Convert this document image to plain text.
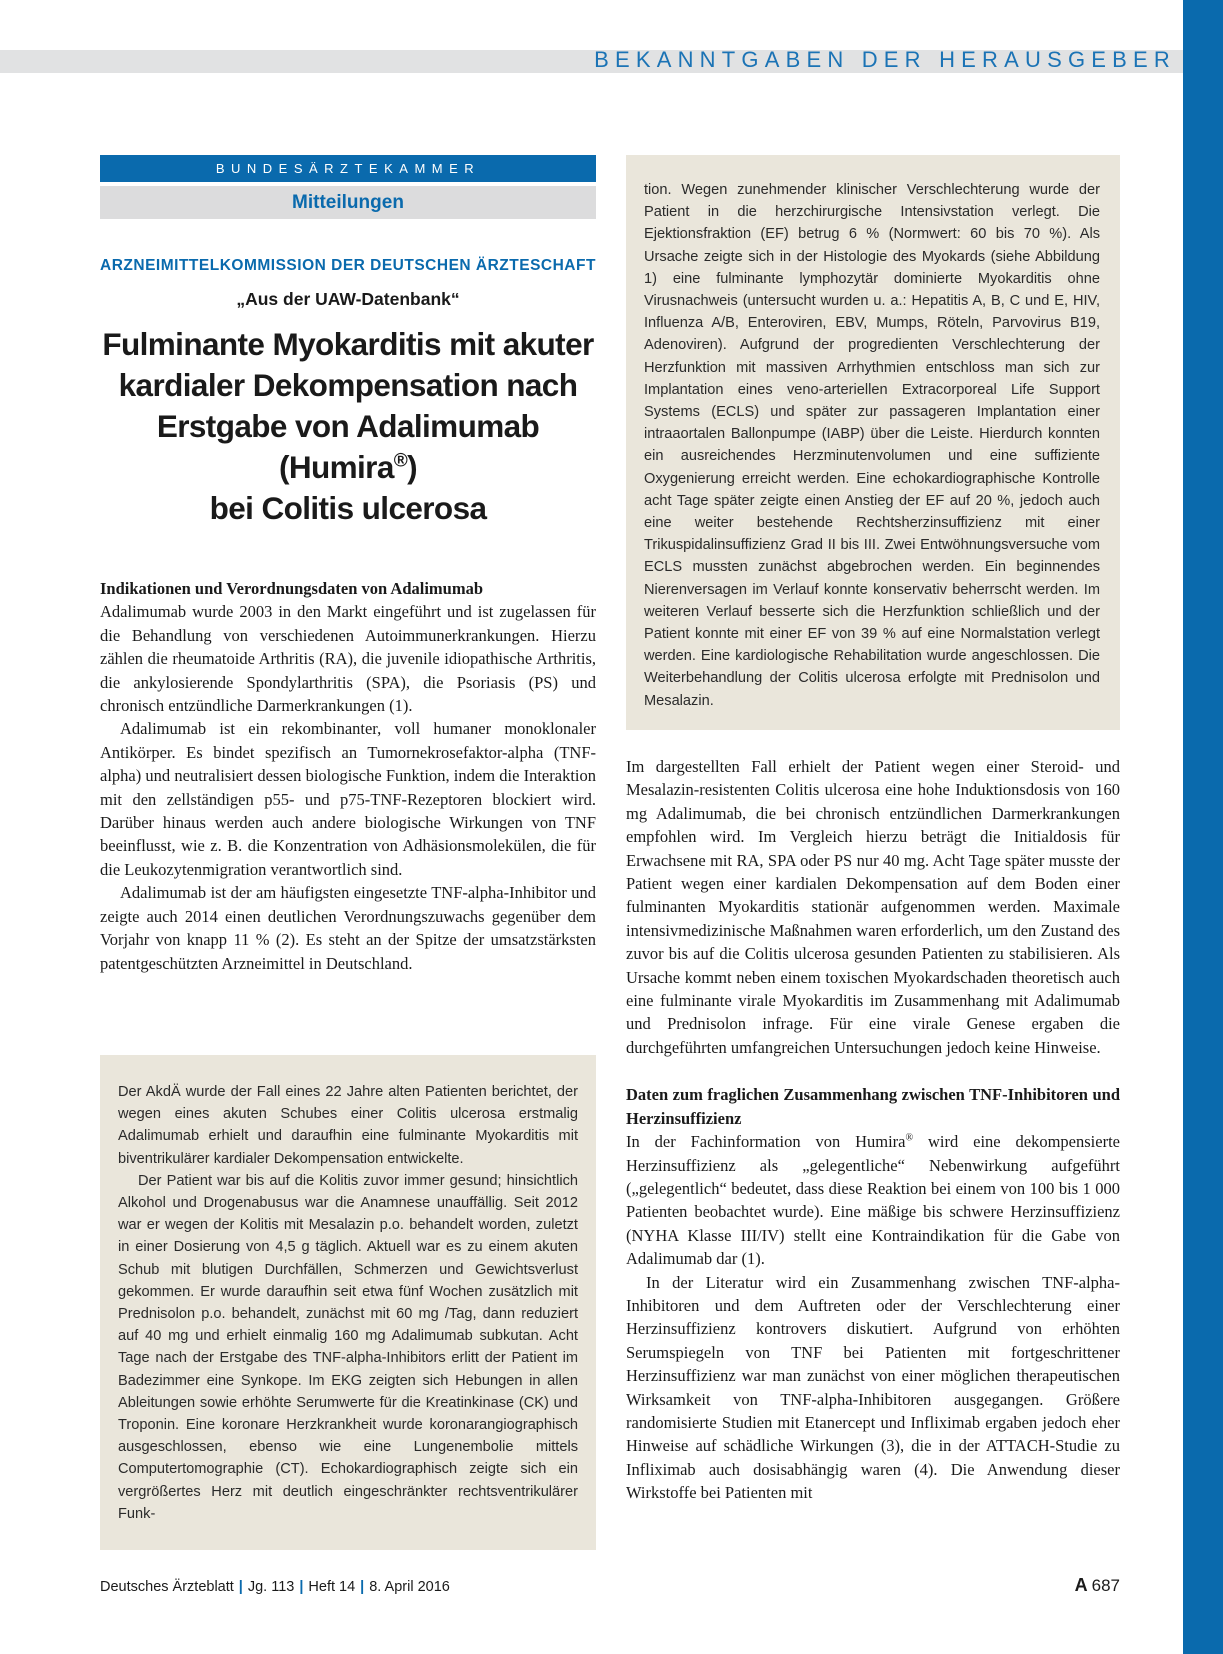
BEKANNTGABEN DER HERAUSGEBER
BUNDESÄRZTEKAMMER
Mitteilungen
ARZNEIMITTELKOMMISSION DER DEUTSCHEN ÄRZTESCHAFT
„Aus der UAW-Datenbank“
Fulminante Myokarditis mit akuter
kardialer Dekompensation nach
Erstgabe von Adalimumab (Humira®)
bei Colitis ulcerosa
Indikationen und Verordnungsdaten von Adalimumab

Adalimumab wurde 2003 in den Markt eingeführt und ist zugelassen für die Behandlung von verschiedenen Autoimmunerkrankungen. Hierzu zählen die rheumatoide Arthritis (RA), die juvenile idiopathische Arthritis, die ankylosierende Spondylarthritis (SPA), die Psoriasis (PS) und chronisch entzündliche Darmerkrankungen (1).

Adalimumab ist ein rekombinanter, voll humaner monoklonaler Antikörper. Es bindet spezifisch an Tumornekrosefaktor-alpha (TNF-alpha) und neutralisiert dessen biologische Funktion, indem die Interaktion mit den zellständigen p55- und p75-TNF-Rezeptoren blockiert wird. Darüber hinaus werden auch andere biologische Wirkungen von TNF beeinflusst, wie z. B. die Konzentration von Adhäsionsmolekülen, die für die Leukozytenmigration verantwortlich sind.

Adalimumab ist der am häufigsten eingesetzte TNF-alpha-Inhibitor und zeigte auch 2014 einen deutlichen Verordnungszuwachs gegenüber dem Vorjahr von knapp 11 % (2). Es steht an der Spitze der umsatzstärksten patentgeschützten Arzneimittel in Deutschland.

Der AkdÄ wurde der Fall eines 22 Jahre alten Patienten berichtet, der wegen eines akuten Schubes einer Colitis ulcerosa erstmalig Adalimumab erhielt und daraufhin eine fulminante Myokarditis mit biventrikulärer kardialer Dekompensation entwickelte.

Der Patient war bis auf die Kolitis zuvor immer gesund; hinsichtlich Alkohol und Drogenabusus war die Anamnese unauffällig. Seit 2012 war er wegen der Kolitis mit Mesalazin p.o. behandelt worden, zuletzt in einer Dosierung von 4,5 g täglich. Aktuell war es zu einem akuten Schub mit blutigen Durchfällen, Schmerzen und Gewichtsverlust gekommen. Er wurde daraufhin seit etwa fünf Wochen zusätzlich mit Prednisolon p.o. behandelt, zunächst mit 60 mg /Tag, dann reduziert auf 40 mg und erhielt einmalig 160 mg Adalimumab subkutan. Acht Tage nach der Erstgabe des TNF-alpha-Inhibitors erlitt der Patient im Badezimmer eine Synkope. Im EKG zeigten sich Hebungen in allen Ableitungen sowie erhöhte Serumwerte für die Kreatinkinase (CK) und Troponin. Eine koronare Herzkrankheit wurde koronarangiographisch ausgeschlossen, ebenso wie eine Lungenembolie mittels Computertomographie (CT). Echokardiographisch zeigte sich ein vergrößertes Herz mit deutlich eingeschränkter rechtsventrikulärer Funk-

tion. Wegen zunehmender klinischer Verschlechterung wurde der Patient in die herzchirurgische Intensivstation verlegt. Die Ejektionsfraktion (EF) betrug 6 % (Normwert: 60 bis 70 %). Als Ursache zeigte sich in der Histologie des Myokards (siehe Abbildung 1) eine fulminante lymphozytär dominierte Myokarditis ohne Virusnachweis (untersucht wurden u. a.: Hepatitis A, B, C und E, HIV, Influenza A/B, Enteroviren, EBV, Mumps, Röteln, Parvovirus B19, Adenoviren). Aufgrund der progredienten Verschlechterung der Herzfunktion mit massiven Arrhythmien entschloss man sich zur Implantation eines veno-arteriellen Extracorporeal Life Support Systems (ECLS) und später zur passageren Implantation einer intraaortalen Ballonpumpe (IABP) über die Leiste. Hierdurch konnten ein ausreichendes Herzminutenvolumen und eine suffiziente Oxygenierung erreicht werden. Eine echokardiographische Kontrolle acht Tage später zeigte einen Anstieg der EF auf 20 %, jedoch auch eine weiter bestehende Rechtsherzinsuffizienz mit einer Trikuspidalinsuffizienz Grad II bis III. Zwei Entwöhnungsversuche vom ECLS mussten zunächst abgebrochen werden. Ein beginnendes Nierenversagen im Verlauf konnte konservativ beherrscht werden. Im weiteren Verlauf besserte sich die Herzfunktion schließlich und der Patient konnte mit einer EF von 39 % auf eine Normalstation verlegt werden. Eine kardiologische Rehabilitation wurde angeschlossen. Die Weiterbehandlung der Colitis ulcerosa erfolgte mit Prednisolon und Mesalazin.

Im dargestellten Fall erhielt der Patient wegen einer Steroid- und Mesalazin-resistenten Colitis ulcerosa eine hohe Induktionsdosis von 160 mg Adalimumab, die bei chronisch entzündlichen Darmerkrankungen empfohlen wird. Im Vergleich hierzu beträgt die Initialdosis für Erwachsene mit RA, SPA oder PS nur 40 mg. Acht Tage später musste der Patient wegen einer kardialen Dekompensation auf dem Boden einer fulminanten Myokarditis stationär aufgenommen werden. Maximale intensivmedizinische Maßnahmen waren erforderlich, um den Zustand des zuvor bis auf die Colitis ulcerosa gesunden Patienten zu stabilisieren. Als Ursache kommt neben einem toxischen Myokardschaden theoretisch auch eine fulminante virale Myokarditis im Zusammenhang mit Adalimumab und Prednisolon infrage. Für eine virale Genese ergaben die durchgeführten umfangreichen Untersuchungen jedoch keine Hinweise.

Daten zum fraglichen Zusammenhang zwischen TNF-Inhibitoren und Herzinsuffizienz

In der Fachinformation von Humira® wird eine dekompensierte Herzinsuffizienz als „gelegentliche“ Nebenwirkung aufgeführt („gelegentlich“ bedeutet, dass diese Reaktion bei einem von 100 bis 1 000 Patienten beobachtet wurde). Eine mäßige bis schwere Herzinsuffizienz (NYHA Klasse III/IV) stellt eine Kontraindikation für die Gabe von Adalimumab dar (1).

In der Literatur wird ein Zusammenhang zwischen TNF-alpha-Inhibitoren und dem Auftreten oder der Verschlechterung einer Herzinsuffizienz kontrovers diskutiert. Aufgrund von erhöhten Serumspiegeln von TNF bei Patienten mit fortgeschrittener Herzinsuffizienz war man zunächst von einer möglichen therapeutischen Wirksamkeit von TNF-alpha-Inhibitoren ausgegangen. Größere randomisierte Studien mit Etanercept und Infliximab ergaben jedoch eher Hinweise auf schädliche Wirkungen (3), die in der ATTACH-Studie zu Infliximab auch dosisabhängig waren (4). Die Anwendung dieser Wirkstoffe bei Patienten mit

Deutsches Ärzteblatt | Jg. 113 | Heft 14 | 8. April 2016	A 687
